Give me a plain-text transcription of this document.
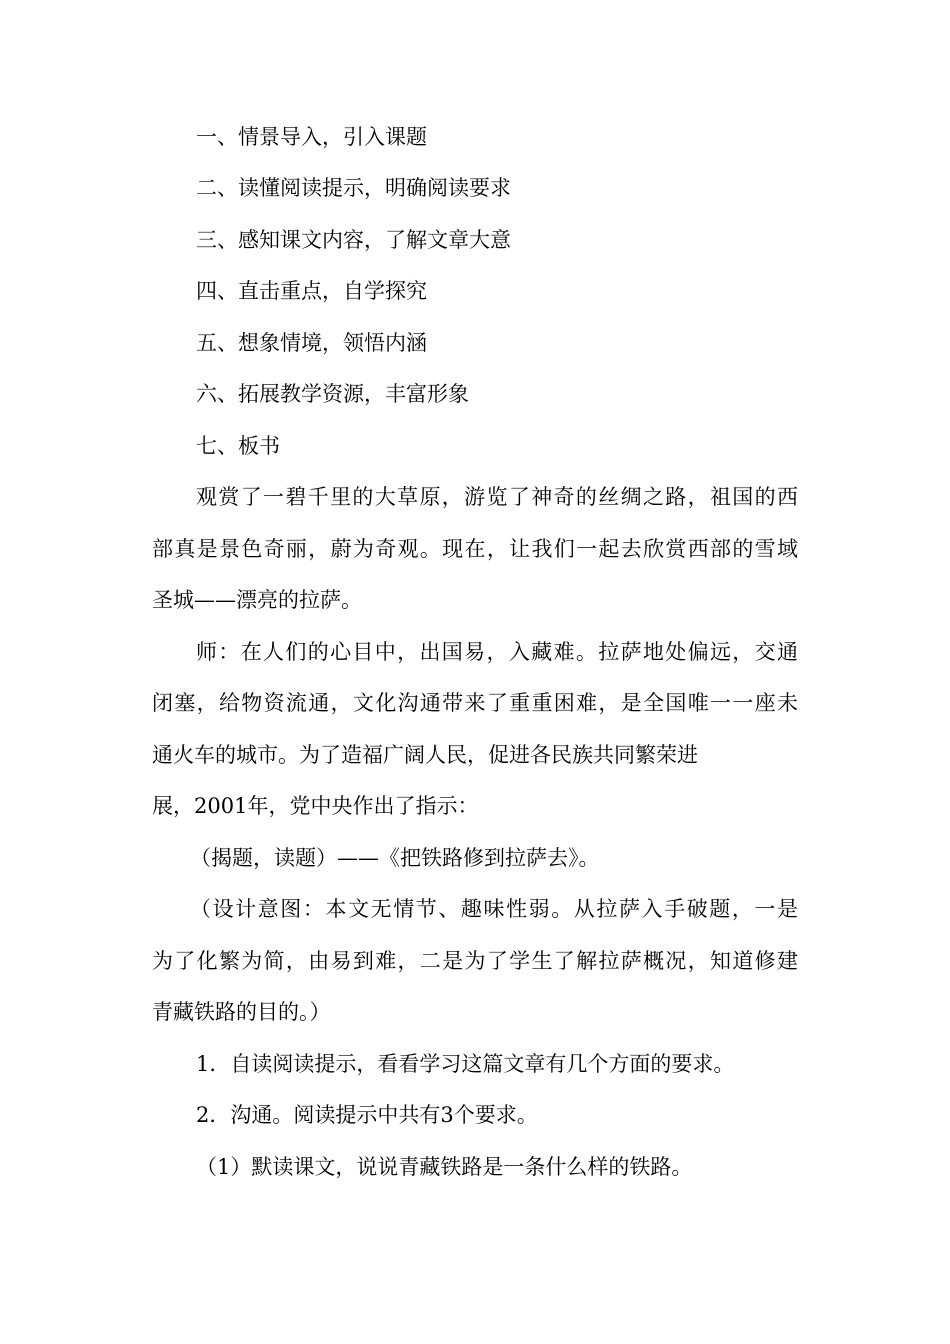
一、情景导入，引入课题
二、读懂阅读提示，明确阅读要求
三、感知课文内容，了解文章大意
四、直击重点，自学探究
五、想象情境，领悟内涵
六、拓展教学资源，丰富形象
七、板书
观赏了一碧千里的大草原，游览了神奇的丝绸之路，祖国的西
部真是景色奇丽，蔚为奇观。现在，让我们一起去欣赏西部的雪域
圣城——漂亮的拉萨。
师：在人们的心目中，出国易，入藏难。拉萨地处偏远，交通
闭塞，给物资流通，文化沟通带来了重重困难，是全国唯一一座未
通火车的城市。为了造福广阔人民，促进各民族共同繁荣进
展，2001年，党中央作出了指示：
（揭题，读题）——《把铁路修到拉萨去》。
（设计意图：本文无情节、趣味性弱。从拉萨入手破题，一是
为了化繁为简，由易到难，二是为了学生了解拉萨概况，知道修建
青藏铁路的目的。）
1．自读阅读提示，看看学习这篇文章有几个方面的要求。
2．沟通。阅读提示中共有3个要求。
（1）默读课文，说说青藏铁路是一条什么样的铁路。
